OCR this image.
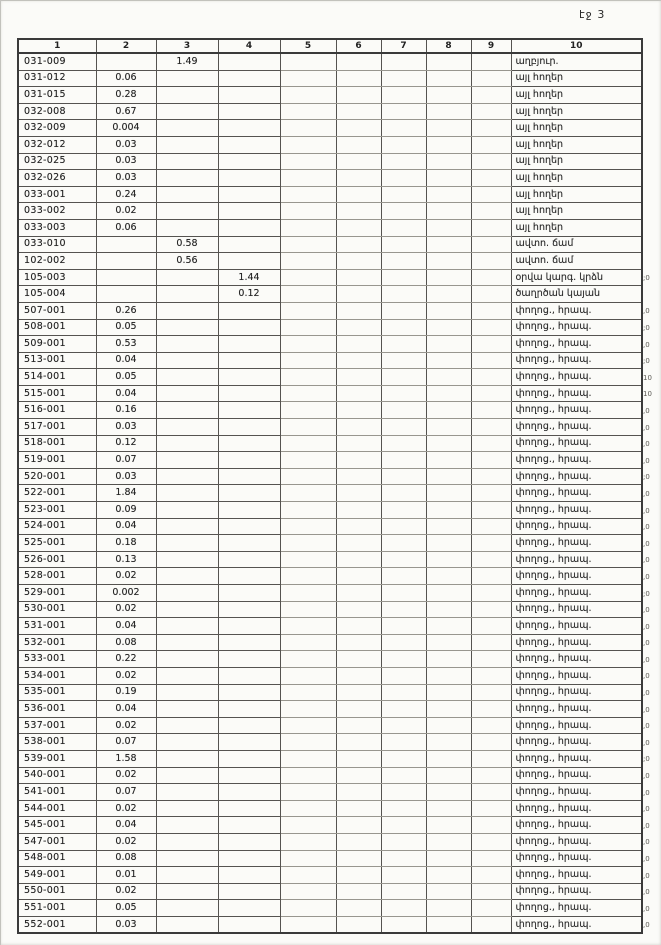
էջ 3
1	2	3	4	5	6	7	8	9	10
031-009		1.49							աղբյուր.
031-012	0.06								այլ հողեր
031-015	0.28								այլ հողեր
032-008	0.67								այլ հողեր
032-009	0.004								այլ հողեր
032-012	0.03								այլ հողեր
032-025	0.03								այլ հողեր
032-026	0.03								այլ հողեր
033-001	0.24								այլ հողեր
033-002	0.02								այլ հողեր
033-003	0.06								այլ հողեր
033-010		0.58							ավտո. ճամ
102-002		0.56							ավտո. ճամ
105-003			1.44						օրվա կարգ. կրձն
105-004			0.12						ծաղրծան կայան
507-001	0.26								փողոց., հրապ.
508-001	0.05								փողոց., հրապ.
509-001	0.53								փողոց., հրապ.
513-001	0.04								փողոց., հրապ.
514-001	0.05								փողոց., հրապ.
515-001	0.04								փողոց., հրապ.
516-001	0.16								փողոց., հրապ.
517-001	0.03								փողոց., հրապ.
518-001	0.12								փողոց., հրապ.
519-001	0.07								փողոց., հրապ.
520-001	0.03								փողոց., հրապ.
522-001	1.84								փողոց., հրապ.
523-001	0.09								փողոց., հրապ.
524-001	0.04								փողոց., հրապ.
525-001	0.18								փողոց., հրապ.
526-001	0.13								փողոց., հրապ.
528-001	0.02								փողոց., հրապ.
529-001	0.002								փողոց., հրապ.
530-001	0.02								փողոց., հրապ.
531-001	0.04								փողոց., հրապ.
532-001	0.08								փողոց., հրապ.
533-001	0.22								փողոց., հրապ.
534-001	0.02								փողոց., հրապ.
535-001	0.19								փողոց., հրապ.
536-001	0.04								փողոց., հրապ.
537-001	0.02								փողոց., հրապ.
538-001	0.07								փողոց., հրապ.
539-001	1.58								փողոց., հրապ.
540-001	0.02								փողոց., հրապ.
541-001	0.07								փողոց., հրապ.
544-001	0.02								փողոց., հրապ.
545-001	0.04								փողոց., հրապ.
547-001	0.02								փողոց., հրապ.
548-001	0.08								փողոց., հրապ.
549-001	0.01								փողոց., հրապ.
550-001	0.02								փողոց., հրապ.
551-001	0.05								փողոց., հրապ.
552-001	0.03								փողոց., հրապ.
;0
,0
;0
,0
;0
10
10
,0
,0
,0
,0
;0
,0
,0
,0
,0
,0
,0
;0
,0
,0
,0
,0
,0
,0
,0
,0
,0
;0
,0
,0
,0
,0
,0
,0
,0
,0
,0
,0
